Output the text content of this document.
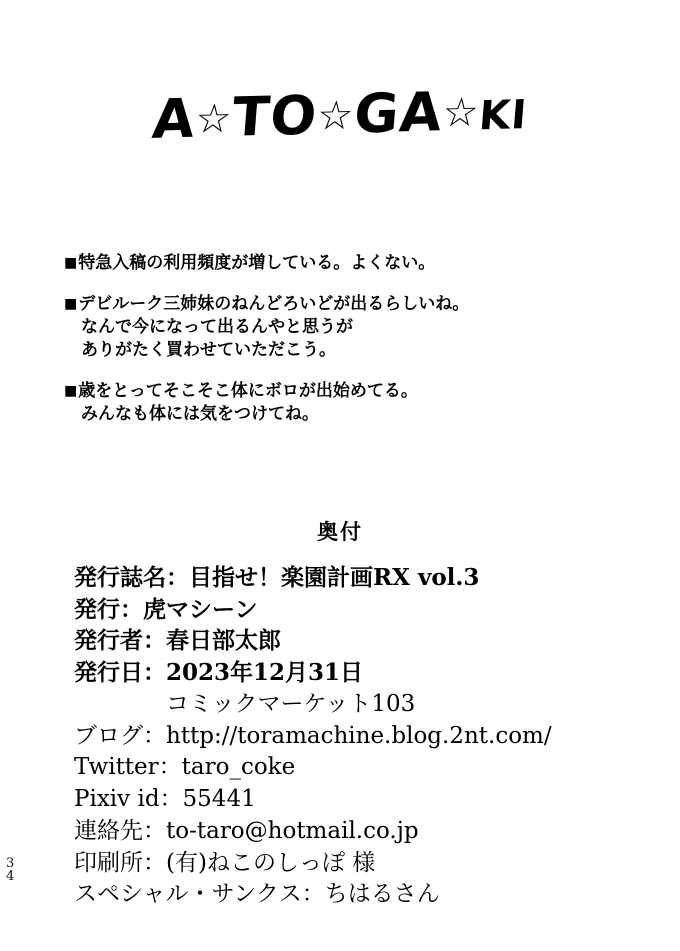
A☆TO☆GA☆KI
■特急入稿の利用頻度が増している。よくない。
■デビルーク三姉妹のねんどろいどが出るらしいね。
なんで今になって出るんやと思うが
ありがたく買わせていただこう。
■歳をとってそこそこ体にボロが出始めてる。
みんなも体には気をつけてね。
奥付
発行誌名：目指せ！楽園計画RX vol.3
発行：虎マシーン
発行者：春日部太郎
発行日：2023年12月31日
コミックマーケット103
ブログ：http://toramachine.blog.2nt.com/
Twitter：taro_coke
Pixiv id：55441
連絡先：to-taro@hotmail.co.jp
印刷所：(有)ねこのしっぽ 様
スペシャル・サンクス：ちはるさん
3
4
